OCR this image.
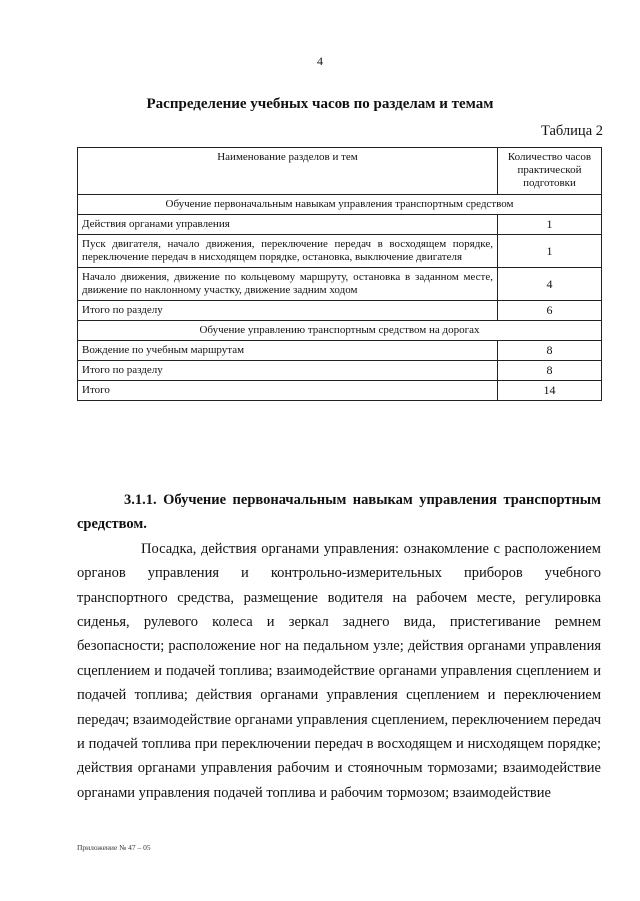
4
Распределение учебных часов по разделам и темам
Таблица 2
Наименование разделов и тем	Количество часов практической подготовки
Обучение первоначальным навыкам управления транспортным средством	
Действия органами управления	1
Пуск двигателя, начало движения, переключение передач в восходящем порядке, переключение передач в нисходящем порядке, остановка, выключение двигателя	1
Начало движения, движение по кольцевому маршруту, остановка в заданном месте, движение по наклонному участку, движение задним ходом	4
Итого по разделу	6
Обучение управлению транспортным средством на дорогах	
Вождение по учебным маршрутам	8
Итого по разделу	8
Итого	14

3.1.1. Обучение первоначальным навыкам управления транспортным средством.

Посадка, действия органами управления: ознакомление с расположением органов управления и контрольно-измерительных приборов учебного транспортного средства, размещение водителя на рабочем месте, регулировка сиденья, рулевого колеса и зеркал заднего вида, пристегивание ремнем безопасности; расположение ног на педальном узле; действия органами управления сцеплением и подачей топлива; взаимодействие органами управления сцеплением и подачей топлива; действия органами управления сцеплением и переключением передач; взаимодействие органами управления сцеплением, переключением передач и подачей топлива при переключении передач в восходящем и нисходящем порядке; действия органами управления рабочим и стояночным тормозами; взаимодействие органами управления подачей топлива и рабочим тормозом; взаимодействие

Приложение № 47 – 05
